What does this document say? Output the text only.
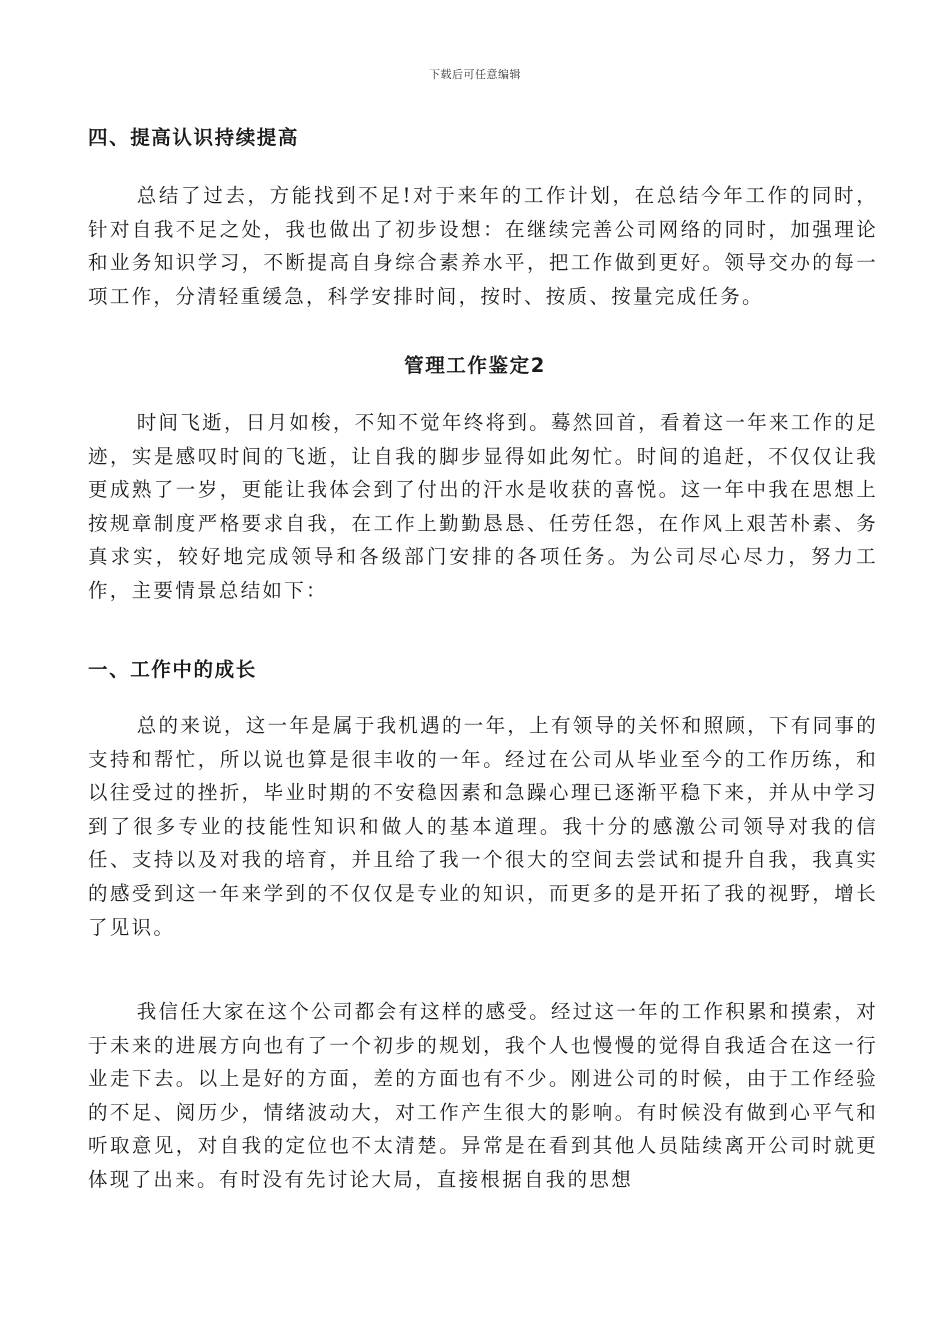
下载后可任意编辑
四、提高认识持续提高

总结了过去，方能找到不足!对于来年的工作计划，在总结今年工作的同时，针对自我不足之处，我也做出了初步设想：在继续完善公司网络的同时，加强理论和业务知识学习，不断提高自身综合素养水平，把工作做到更好。领导交办的每一项工作，分清轻重缓急，科学安排时间，按时、按质、按量完成任务。

管理工作鉴定2

时间飞逝，日月如梭，不知不觉年终将到。蓦然回首，看着这一年来工作的足迹，实是感叹时间的飞逝，让自我的脚步显得如此匆忙。时间的追赶，不仅仅让我更成熟了一岁，更能让我体会到了付出的汗水是收获的喜悦。这一年中我在思想上按规章制度严格要求自我，在工作上勤勤恳恳、任劳任怨，在作风上艰苦朴素、务真求实，较好地完成领导和各级部门安排的各项任务。为公司尽心尽力，努力工作，主要情景总结如下：

一、工作中的成长

总的来说，这一年是属于我机遇的一年，上有领导的关怀和照顾，下有同事的支持和帮忙，所以说也算是很丰收的一年。经过在公司从毕业至今的工作历练，和以往受过的挫折，毕业时期的不安稳因素和急躁心理已逐渐平稳下来，并从中学习到了很多专业的技能性知识和做人的基本道理。我十分的感激公司领导对我的信任、支持以及对我的培育，并且给了我一个很大的空间去尝试和提升自我，我真实的感受到这一年来学到的不仅仅是专业的知识，而更多的是开拓了我的视野，增长了见识。

我信任大家在这个公司都会有这样的感受。经过这一年的工作积累和摸索，对于未来的进展方向也有了一个初步的规划，我个人也慢慢的觉得自我适合在这一行业走下去。以上是好的方面，差的方面也有不少。刚进公司的时候，由于工作经验的不足、阅历少，情绪波动大，对工作产生很大的影响。有时候没有做到心平气和听取意见，对自我的定位也不太清楚。异常是在看到其他人员陆续离开公司时就更体现了出来。有时没有先讨论大局，直接根据自我的思想
